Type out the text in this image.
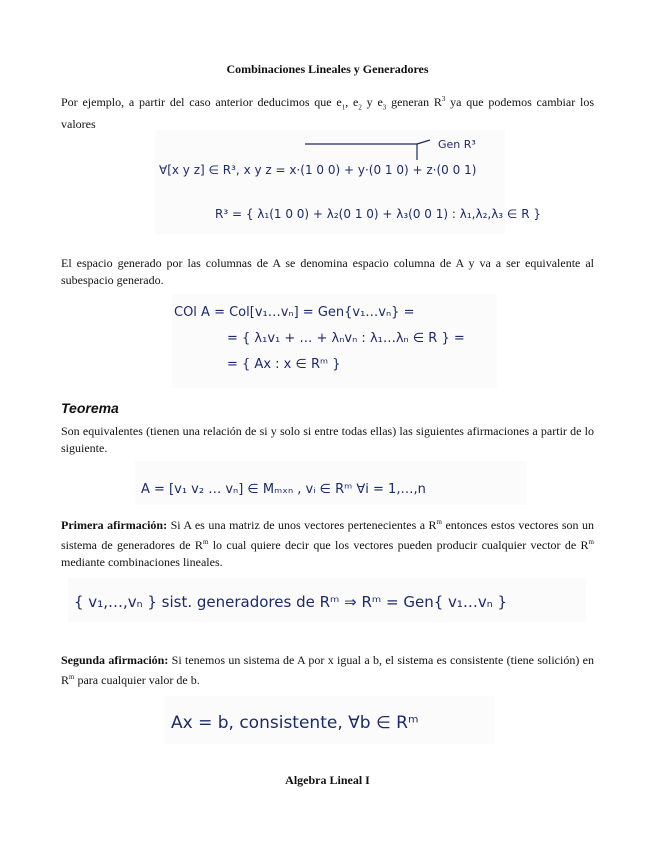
Combinaciones Lineales y Generadores
Por ejemplo, a partir del caso anterior deducimos que $e_1$, $e_2$ y $e_3$ generan $R^3$ ya que podemos cambiar los valores
∀[x y z] ∈ R³, x y z = x·(1 0 0) + y·(0 1 0) + z·(0 0 1)
Gen R³
R³ = { λ₁(1 0 0) + λ₂(0 1 0) + λ₃(0 0 1) : λ₁,λ₂,λ₃ ∈ R }
El espacio generado por las columnas de A se denomina espacio columna de A y va a ser equivalente al subespacio generado.
COl A = Col[v₁…vₙ] = Gen{v₁…vₙ} =
= { λ₁v₁ + … + λₙvₙ : λ₁…λₙ ∈ R } =
= { Ax : x ∈ Rᵐ }
Teorema
Son equivalentes (tienen una relación de si y solo si entre todas ellas) las siguientes afirmaciones a partir de lo siguiente.
A = [v₁ v₂ … vₙ] ∈ Mₘₓₙ , vᵢ ∈ Rᵐ ∀i = 1,…,n
Primera afirmación: Si A es una matriz de unos vectores pertenecientes a $R^m$ entonces estos vectores son un sistema de generadores de $R^m$ lo cual quiere decir que los vectores pueden producir cualquier vector de $R^m$ mediante combinaciones lineales.
{ v₁,…,vₙ } sist. generadores de Rᵐ ⇒ Rᵐ = Gen{ v₁…vₙ }
Segunda afirmación: Si tenemos un sistema de A por x igual a b, el sistema es consistente (tiene solición) en $R^m$ para cualquier valor de b.
Ax = b, consistente, ∀b ∈ Rᵐ
Algebra Lineal I
